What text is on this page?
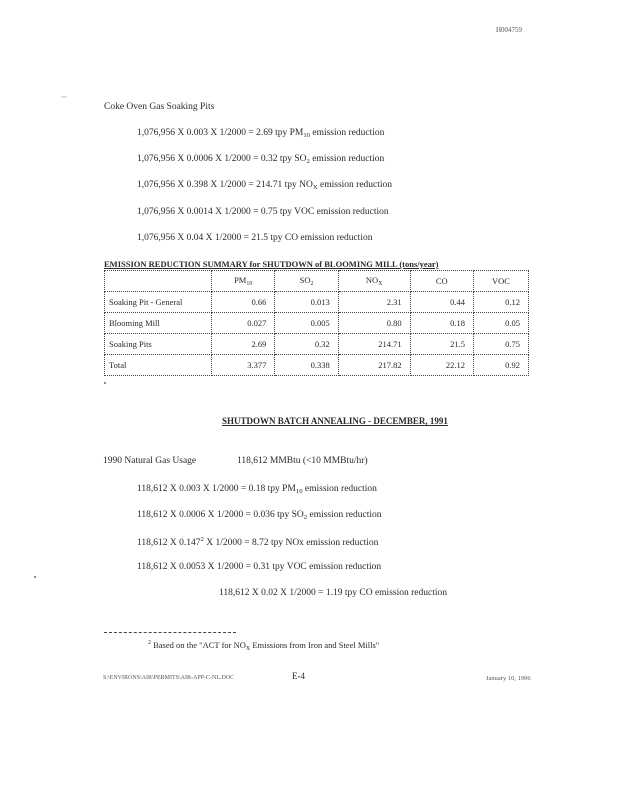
H004759
~~
Coke Oven Gas Soaking Pits
1,076,956 X 0.003 X 1/2000 = 2.69 tpy $PM_{10}$ emission reduction
1,076,956 X 0.0006 X 1/2000 = 0.32 tpy $SO_2$ emission reduction
1,076,956 X 0.398 X 1/2000 = 214.71 tpy $NO_X$ emission reduction
1,076,956 X 0.0014 X 1/2000 = 0.75 tpy VOC emission reduction
1,076,956 X 0.04 X 1/2000 = 21.5 tpy CO emission reduction
EMISSION REDUCTION SUMMARY for SHUTDOWN of BLOOMING MILL (tons/year)
	$PM_{10}$	$SO_2$	$NO_X$	CO	VOC
Soaking Pit - General	0.66	0.013	2.31	0.44	0.12
Blooming Mill	0.027	0.005	0.80	0.18	0.05
Soaking Pits	2.69	0.32	214.71	21.5	0.75
Total	3.377	0.338	217.82	22.12	0.92
SHUTDOWN BATCH ANNEALING - DECEMBER, 1991
1990 Natural Gas Usage	118,612 MMBtu (<10 MMBtu/hr)
118,612 X 0.003 X 1/2000 = 0.18 tpy $PM_{10}$ emission reduction
118,612 X 0.0006 X 1/2000 = 0.036 tpy $SO_2$ emission reduction
118,612 X 0.147$^2$ X 1/2000 = 8.72 tpy NOx emission reduction
118,612 X 0.0053 X 1/2000 = 0.31 tpy VOC emission reduction
118,612 X 0.02 X 1/2000 = 1.19 tpy CO emission reduction
$^2$ Based on the "ACT for $NO_X$ Emissions from Iron and Steel Mills"
S:\ENVIRONS\AIR\PERMITS\AIR-APP-C-NL.DOC	E-4	January 10, 1996
